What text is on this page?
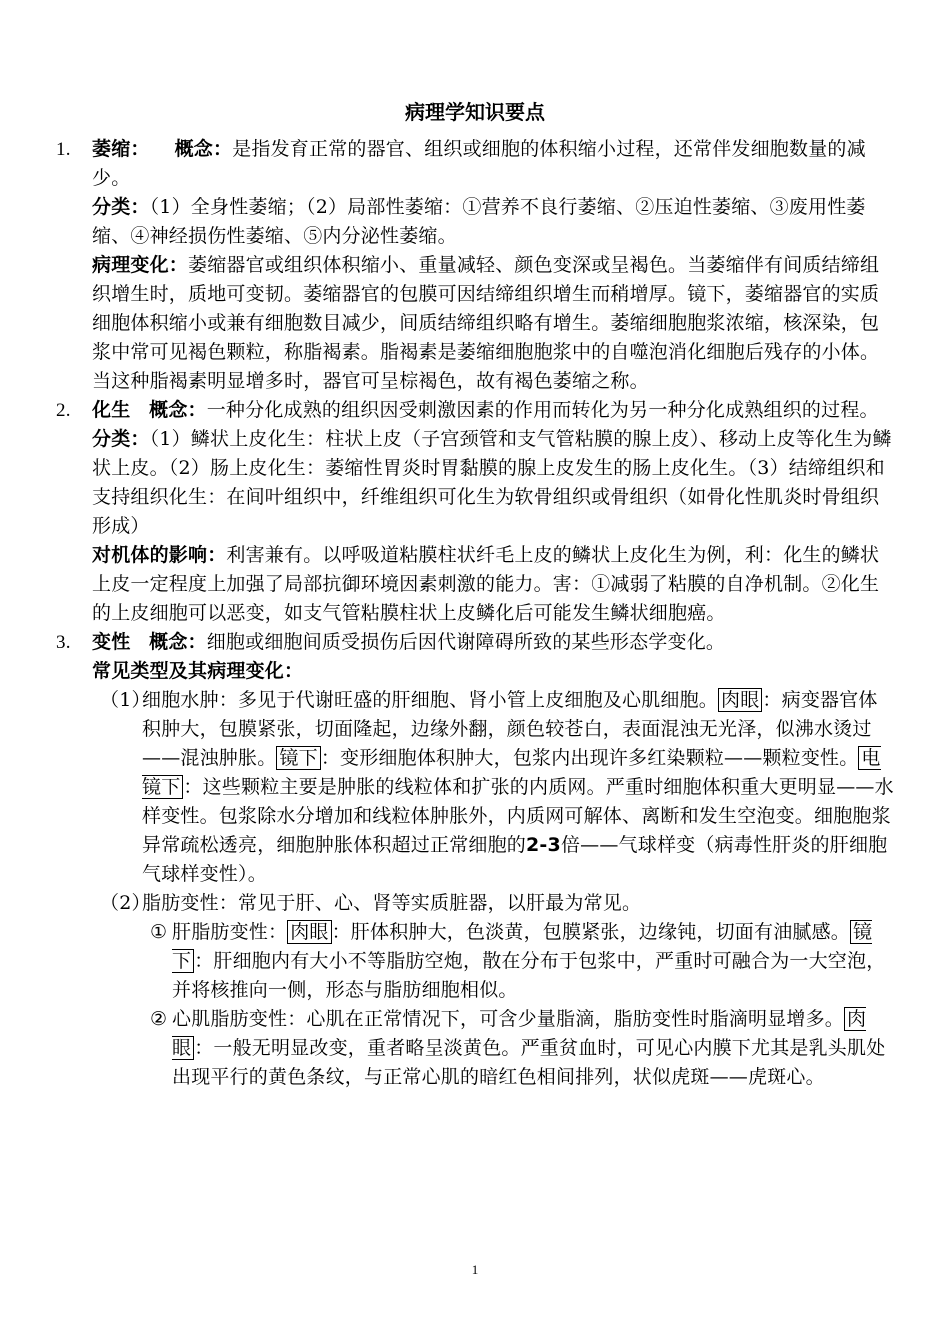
病理学知识要点
1.	萎缩： 概念：是指发育正常的器官、组织或细胞的体积缩小过程，还常伴发细胞数量的减少。
分类：（1）全身性萎缩；（2）局部性萎缩：①营养不良行萎缩、②压迫性萎缩、③废用性萎缩、④神经损伤性萎缩、⑤内分泌性萎缩。
病理变化：萎缩器官或组织体积缩小、重量减轻、颜色变深或呈褐色。当萎缩伴有间质结缔组织增生时，质地可变韧。萎缩器官的包膜可因结缔组织增生而稍增厚。镜下，萎缩器官的实质细胞体积缩小或兼有细胞数目减少，间质结缔组织略有增生。萎缩细胞胞浆浓缩，核深染，包浆中常可见褐色颗粒，称脂褐素。脂褐素是萎缩细胞胞浆中的自噬泡消化细胞后残存的小体。当这种脂褐素明显增多时，器官可呈棕褐色，故有褐色萎缩之称。
2.	化生 概念：一种分化成熟的组织因受刺激因素的作用而转化为另一种分化成熟组织的过程。
分类：（1）鳞状上皮化生：柱状上皮（子宫颈管和支气管粘膜的腺上皮）、移动上皮等化生为鳞状上皮。（2）肠上皮化生：萎缩性胃炎时胃黏膜的腺上皮发生的肠上皮化生。（3）结缔组织和支持组织化生：在间叶组织中，纤维组织可化生为软骨组织或骨组织（如骨化性肌炎时骨组织形成）
对机体的影响：利害兼有。以呼吸道粘膜柱状纤毛上皮的鳞状上皮化生为例，利：化生的鳞状上皮一定程度上加强了局部抗御环境因素刺激的能力。害：①减弱了粘膜的自净机制。②化生的上皮细胞可以恶变，如支气管粘膜柱状上皮鳞化后可能发生鳞状细胞癌。
3.	变性 概念：细胞或细胞间质受损伤后因代谢障碍所致的某些形态学变化。
常见类型及其病理变化：
（1）
细胞水肿：多见于代谢旺盛的肝细胞、肾小管上皮细胞及心肌细胞。 肉眼 ：病变器官体积肿大，包膜紧张，切面隆起，边缘外翻，颜色较苍白，表面混浊无光泽，似沸水烫过——混浊肿胀。 镜下 ：变形细胞体积肿大，包浆内出现许多红染颗粒——颗粒变性。 电镜下 ：这些颗粒主要是肿胀的线粒体和扩张的内质网。严重时细胞体积重大更明显——水样变性。包浆除水分增加和线粒体肿胀外，内质网可解体、离断和发生空泡变。细胞胞浆异常疏松透亮，细胞肿胀体积超过正常细胞的2-3倍——气球样变（病毒性肝炎的肝细胞气球样变性）。
（2）
脂肪变性：常见于肝、心、肾等实质脏器，以肝最为常见。
① 肝脂肪变性： 肉眼 ：肝体积肿大，色淡黄，包膜紧张，边缘钝，切面有油腻感。 镜下 ：肝细胞内有大小不等脂肪空炮，散在分布于包浆中，严重时可融合为一大空泡，并将核推向一侧，形态与脂肪细胞相似。
② 心肌脂肪变性：心肌在正常情况下，可含少量脂滴，脂肪变性时脂滴明显增多。 肉眼 ：一般无明显改变，重者略呈淡黄色。严重贫血时，可见心内膜下尤其是乳头肌处出现平行的黄色条纹，与正常心肌的暗红色相间排列，状似虎斑——虎斑心。
1
